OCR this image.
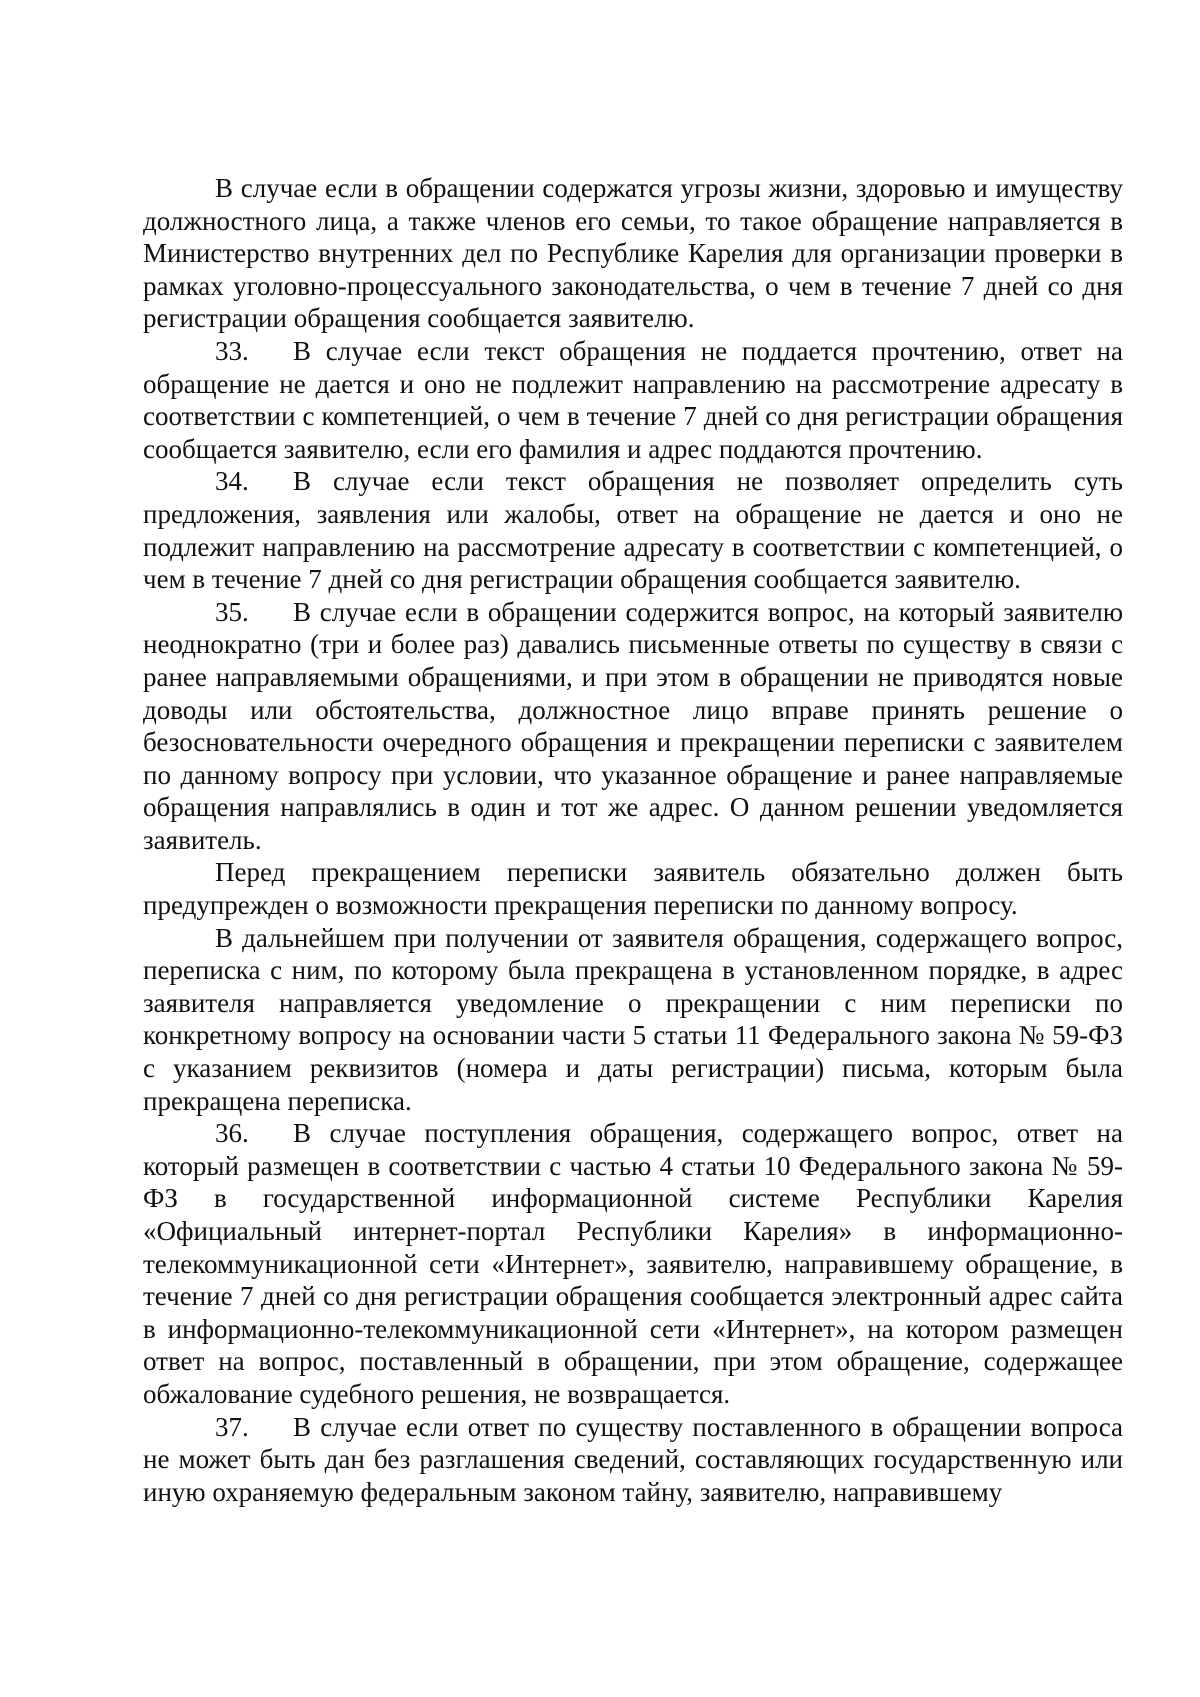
В случае если в обращении содержатся угрозы жизни, здоровью и имуществу должностного лица, а также членов его семьи, то такое обращение направляется в Министерство внутренних дел по Республике Карелия для организации проверки в рамках уголовно-процессуального законодательства, о чем в течение 7 дней со дня регистрации обращения сообщается заявителю.

33. В случае если текст обращения не поддается прочтению, ответ на обращение не дается и оно не подлежит направлению на рассмотрение адресату в соответствии с компетенцией, о чем в течение 7 дней со дня регистрации обращения сообщается заявителю, если его фамилия и адрес поддаются прочтению.

34. В случае если текст обращения не позволяет определить суть предложения, заявления или жалобы, ответ на обращение не дается и оно не подлежит направлению на рассмотрение адресату в соответствии с компетенцией, о чем в течение 7 дней со дня регистрации обращения сообщается заявителю.

35. В случае если в обращении содержится вопрос, на который заявителю неоднократно (три и более раз) давались письменные ответы по существу в связи с ранее направляемыми обращениями, и при этом в обращении не приводятся новые доводы или обстоятельства, должностное лицо вправе принять решение о безосновательности очередного обращения и прекращении переписки с заявителем по данному вопросу при условии, что указанное обращение и ранее направляемые обращения направлялись в один и тот же адрес. О данном решении уведомляется заявитель.

Перед прекращением переписки заявитель обязательно должен быть предупрежден о возможности прекращения переписки по данному вопросу.

В дальнейшем при получении от заявителя обращения, содержащего вопрос, переписка с ним, по которому была прекращена в установленном порядке, в адрес заявителя направляется уведомление о прекращении с ним переписки по конкретному вопросу на основании части 5 статьи 11 Федерального закона № 59-ФЗ с указанием реквизитов (номера и даты регистрации) письма, которым была прекращена переписка.

36. В случае поступления обращения, содержащего вопрос, ответ на который размещен в соответствии с частью 4 статьи 10 Федерального закона № 59-ФЗ в государственной информационной системе Республики Карелия «Официальный интернет-портал Республики Карелия» в информационно-телекоммуникационной сети «Интернет», заявителю, направившему обращение, в течение 7 дней со дня регистрации обращения сообщается электронный адрес сайта в информационно-телекоммуникационной сети «Интернет», на котором размещен ответ на вопрос, поставленный в обращении, при этом обращение, содержащее обжалование судебного решения, не возвращается.

37. В случае если ответ по существу поставленного в обращении вопроса не может быть дан без разглашения сведений, составляющих государственную или иную охраняемую федеральным законом тайну, заявителю, направившему
